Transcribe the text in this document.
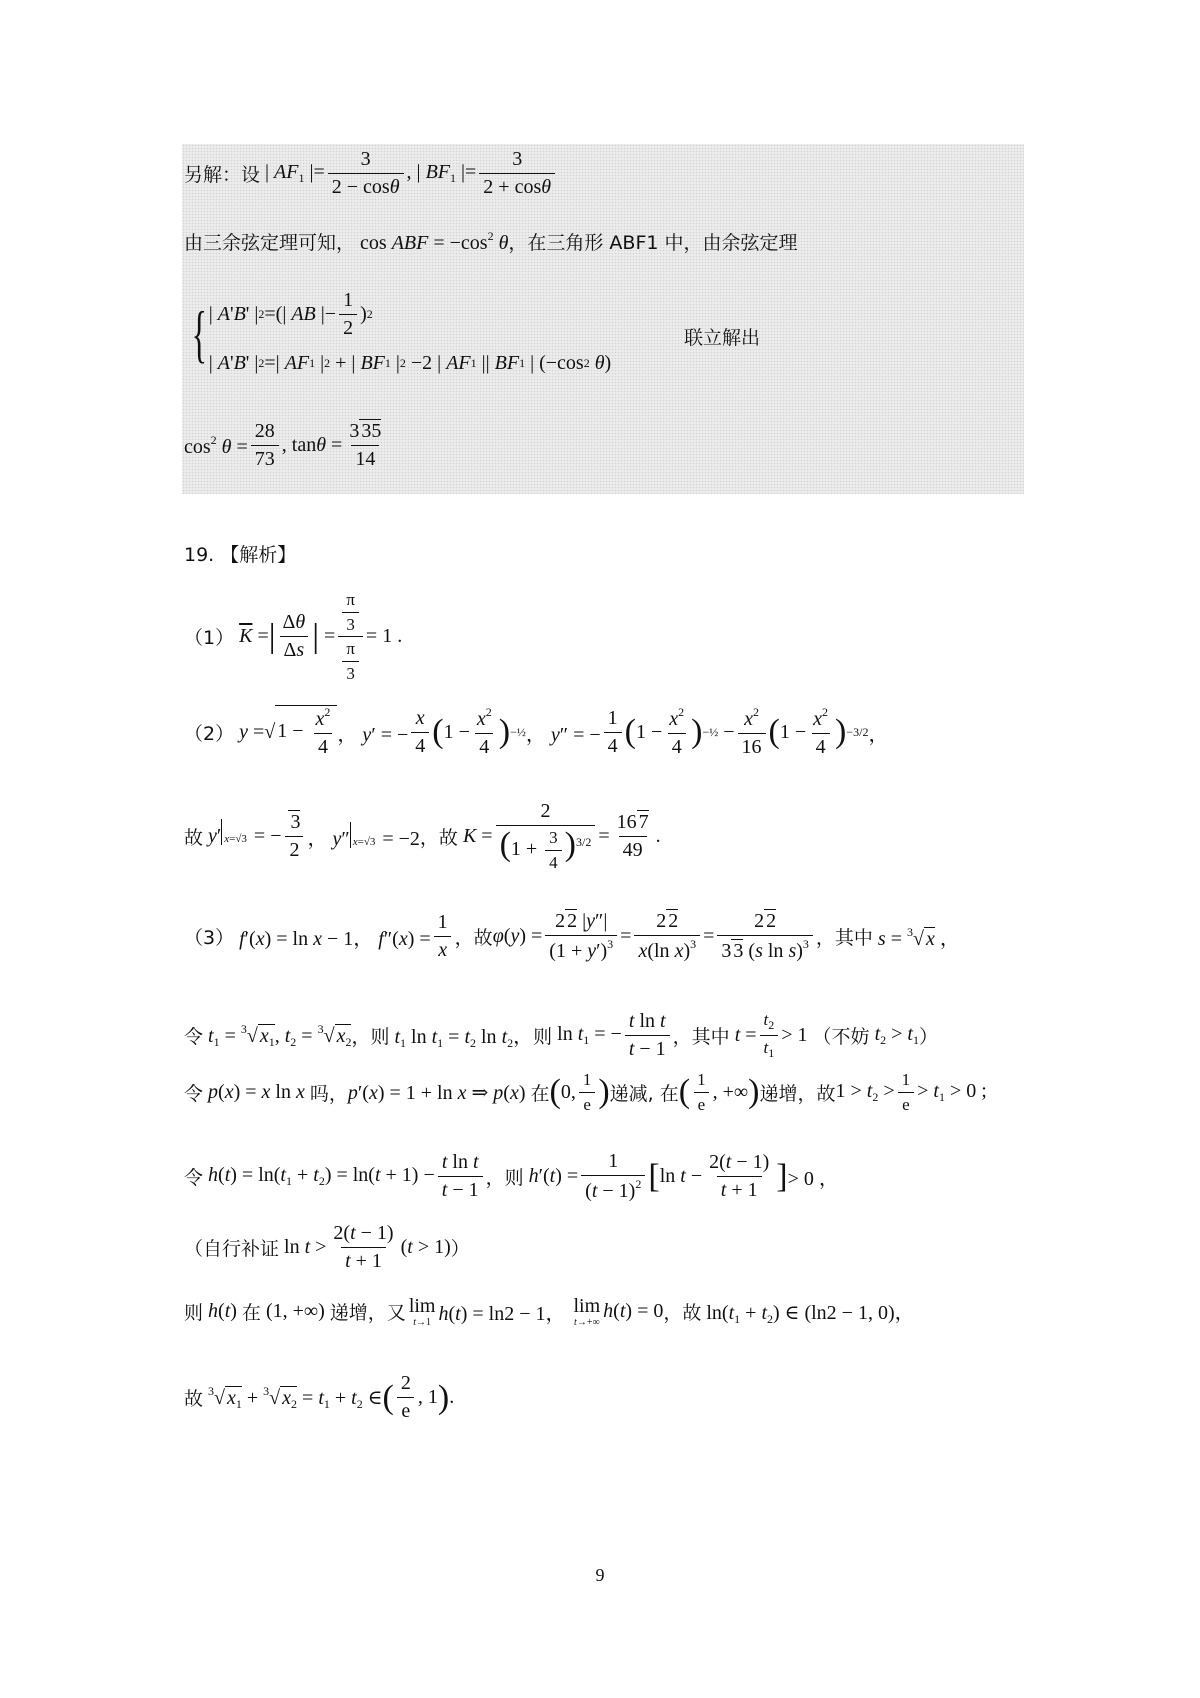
另解：设 | $AF_1$ |= $\frac{3}{2 - \cos\theta}$ , | $BF_1$ |= $\frac{3}{2 + \cos\theta}$
由三余弦定理可知， cos ABF = $-\cos^2$ θ ，在三角形 ABF1 中，由余弦定理
{ | A ' B ' | 2 =(| AB |− $\frac{1}{2}$ ) 2
| A ' B ' | 2 =| AF 1 | 2 + | BF 1 | 2 −2 | AF 1 || BF 1 | (−cos 2
θ )
联立解出
$\cos^2 \theta = \frac{28}{73}$ , $\tan\theta = \frac{3 35}{14}$
19. 【解析】
（1） $\overline{K}$ = | $\frac{\Delta\theta}{\Delta s}$ | = $\frac{\frac{\pi}{3}}{\frac{\pi}{3}} = 1$ .
（2） y = √ $1 - \frac{x^2}{4}$ ， y′ = − $\frac{x}{4}$ ( $1 - \frac{x^2}{4}$ ) −½ ， y″ = − $\frac{1}{4}$ ( $1 - \frac{x^2}{4}$ ) −½ − $\frac{x^2}{16}$ ( $1 - \frac{x^2}{4}$ ) −3/2 ，
故 y′ x=√3 = − $\frac{3}{2}$ ， y″ x=√3 = −2 ，故 $K = \frac{2}{(1 + \frac{3}{4} )^{3/2}} = \frac{16 7}{49}$ .
（3） f′(x) = ln x − 1， $f''(x) = \frac{1}{x}$ ，故 $\varphi(y) = \frac{2 2 |y''|}{(1 + y')^3} = \frac{2 2}{x(\ln x)^3} = \frac{2 2}{3 3 (s \ln s)^3}$ ，其中 s = $^3$√ x ，
令 $t_1 = ^3√$ $x_1$, $t_2 = ^3√$ $x_2$ ，则 $t_1$ $\ln t_1 = t_2$ $\ln t_2$， 则 $\ln t_1$ = − $\frac{\text{t ln t}}{t - 1}$ ，其中 $t = \frac{t_2}{t_1} > 1$ （不妨 $t_2 > t_1$ ）
令 p(x) = x ln x 吗， p′(x) = 1 + ln x ⇒ p(x) 在 ( 0, $\frac{1}{e}$ ) 递减, 在 ( $\frac{1}{e}$ , +∞ ) 递增，故 $1 > t_2 > \frac{1}{e} > t_1 > 0$ ;
令 $h(t) = \ln(t_1 + t_2) = \ln(t + 1) - \frac{\text{t ln t}}{t - 1}$ ，则 $h'(t) = \frac{1}{(t - 1)^2}$ [ $\ln t - \frac{2(t - 1)}{t + 1}$ ] > 0 ，
（自行补证 $\ln t > \frac{2(t - 1)}{t + 1} (t > 1)$ ）
则 h(t) 在 (1, +∞) 递增，又 lim
t→1 h(t) = ln2 − 1， lim
t→+∞
h(t) = 0 ，故 $\ln(t_1 + t_2)$ ∈ (ln2 − 1, 0)，
故 $^3$√ $x_1 + ^3√$ $x_2 = t_1 + t_2$ ∈ ( $\frac{2}{e}$ , 1 ) .
9
